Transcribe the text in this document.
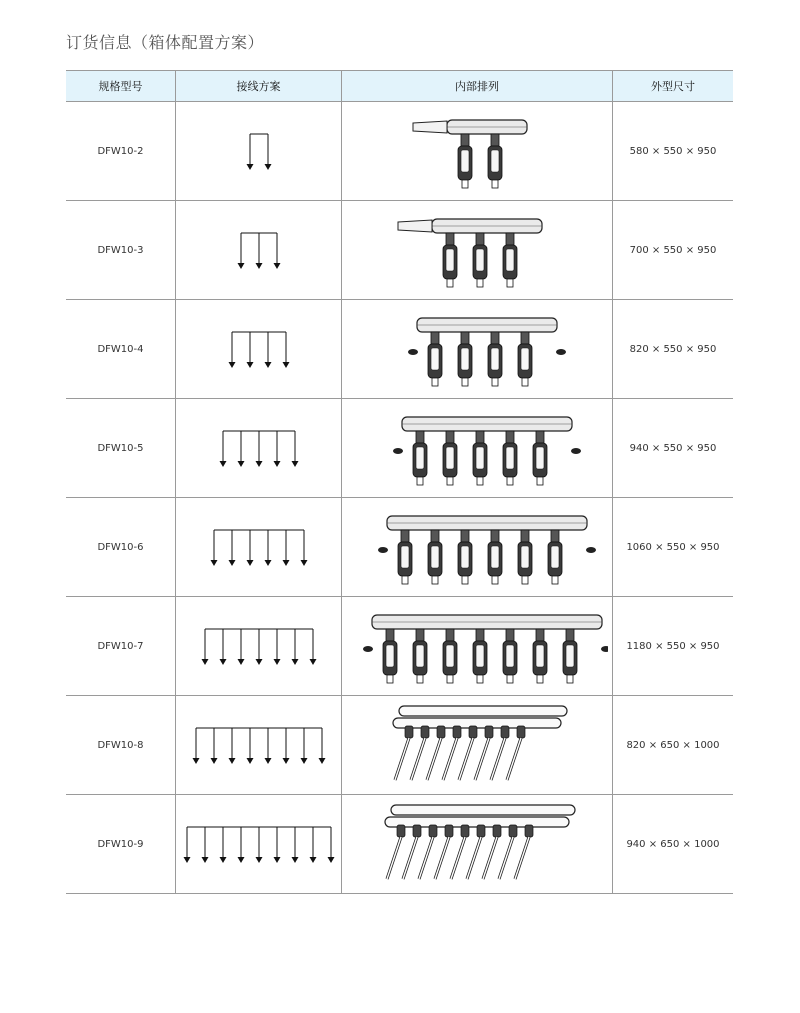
订货信息（箱体配置方案）
规格型号	接线方案	内部排列	外型尺寸
DFW10-2			580 × 550 × 950
DFW10-3			700 × 550 × 950
DFW10-4			820 × 550 × 950
DFW10-5			940 × 550 × 950
DFW10-6			1060 × 550 × 950
DFW10-7			1180 × 550 × 950
DFW10-8			820 × 650 × 1000
DFW10-9			940 × 650 × 1000
